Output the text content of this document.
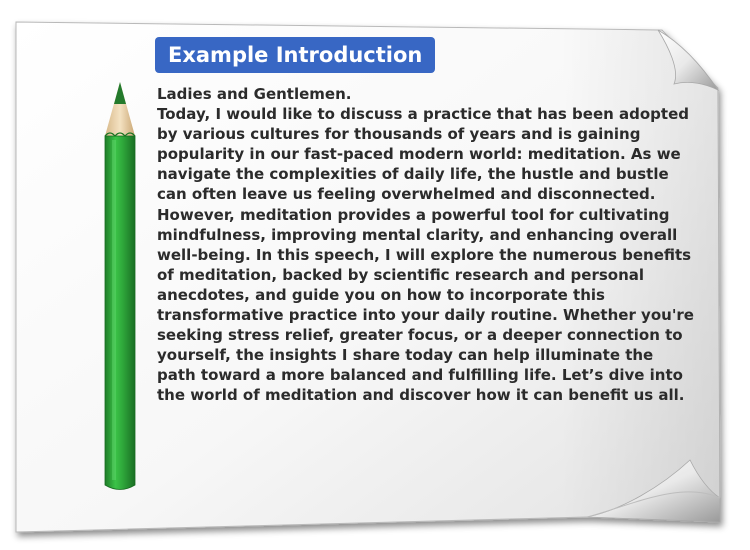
Example Introduction

Ladies and Gentlemen.

Today, I would like to discuss a practice that has been adopted by various cultures for thousands of years and is gaining popularity in our fast-paced modern world: meditation. As we navigate the complexities of daily life, the hustle and bustle can often leave us feeling overwhelmed and disconnected. However, meditation provides a powerful tool for cultivating mindfulness, improving mental clarity, and enhancing overall well-being. In this speech, I will explore the numerous benefits of meditation, backed by scientific research and personal anecdotes, and guide you on how to incorporate this transformative practice into your daily routine. Whether you're seeking stress relief, greater focus, or a deeper connection to yourself, the insights I share today can help illuminate the path toward a more balanced and fulfilling life. Let’s dive into the world of meditation and discover how it can benefit us all.
